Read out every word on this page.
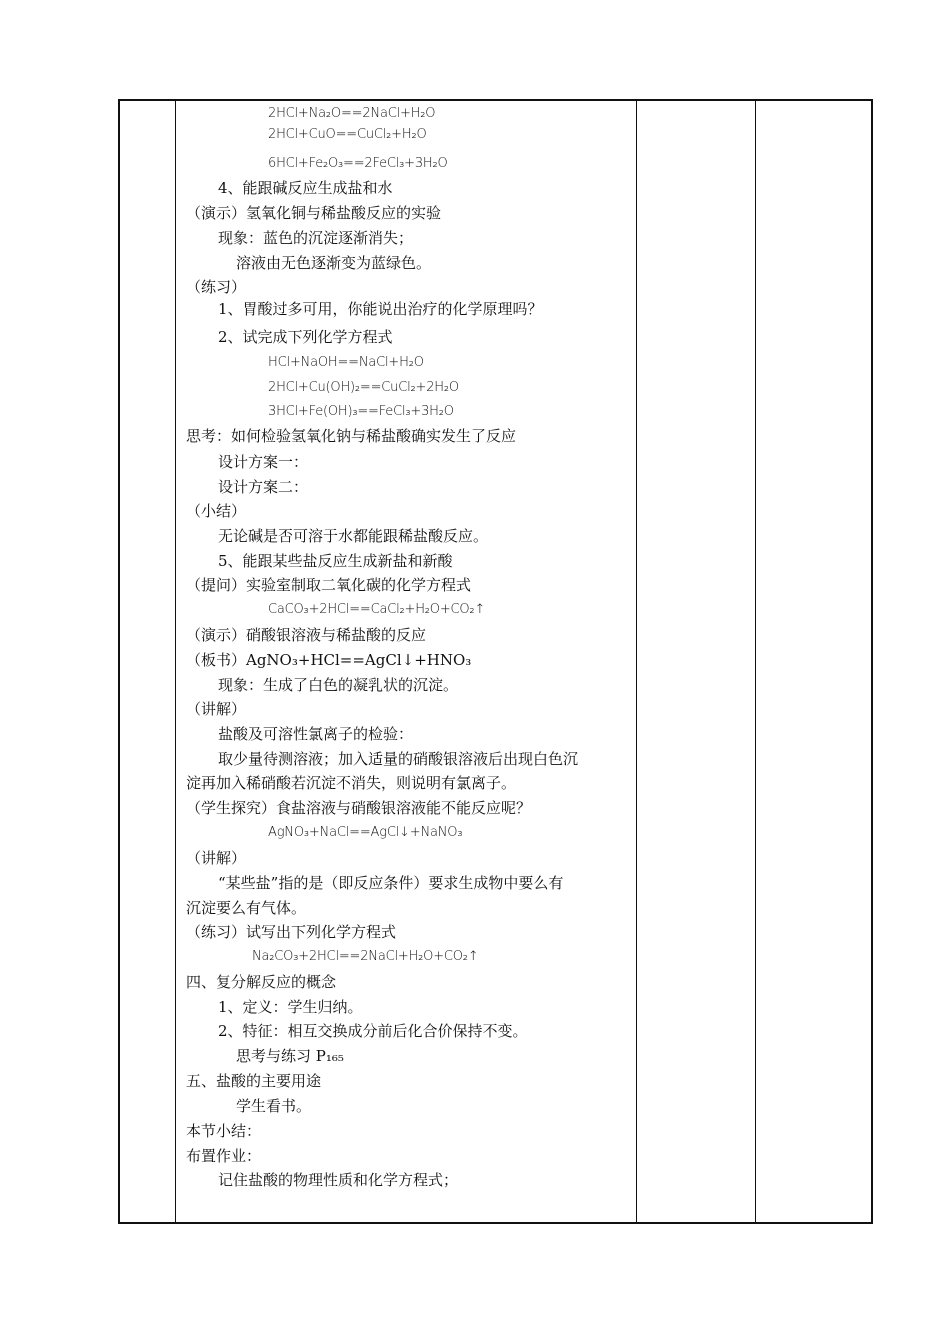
2HCl+Na₂O==2NaCl+H₂O
2HCl+CuO==CuCl₂+H₂O
6HCl+Fe₂O₃==2FeCl₃+3H₂O
4、能跟碱反应生成盐和水
（演示）氢氧化铜与稀盐酸反应的实验
现象：蓝色的沉淀逐渐消失；
溶液由无色逐渐变为蓝绿色。
（练习）
1、胃酸过多可用，你能说出治疗的化学原理吗？
2、试完成下列化学方程式
HCl+NaOH==NaCl+H₂O
2HCl+Cu(OH)₂==CuCl₂+2H₂O
3HCl+Fe(OH)₃==FeCl₃+3H₂O
思考：如何检验氢氧化钠与稀盐酸确实发生了反应
设计方案一：
设计方案二：
（小结）
无论碱是否可溶于水都能跟稀盐酸反应。
5、能跟某些盐反应生成新盐和新酸
（提问）实验室制取二氧化碳的化学方程式
CaCO₃+2HCl==CaCl₂+H₂O+CO₂↑
（演示）硝酸银溶液与稀盐酸的反应
（板书）AgNO₃+HCl==AgCl↓+HNO₃
现象：生成了白色的凝乳状的沉淀。
（讲解）
盐酸及可溶性氯离子的检验：
取少量待测溶液；加入适量的硝酸银溶液后出现白色沉
淀再加入稀硝酸若沉淀不消失，则说明有氯离子。
（学生探究）食盐溶液与硝酸银溶液能不能反应呢？
AgNO₃+NaCl==AgCl↓+NaNO₃
（讲解）
“某些盐”指的是（即反应条件）要求生成物中要么有
沉淀要么有气体。
（练习）试写出下列化学方程式
Na₂CO₃+2HCl==2NaCl+H₂O+CO₂↑
四、复分解反应的概念
1、定义：学生归纳。
2、特征：相互交换成分前后化合价保持不变。
思考与练习 P₁₆₅
五、盐酸的主要用途
学生看书。
本节小结：
布置作业：
记住盐酸的物理性质和化学方程式；
